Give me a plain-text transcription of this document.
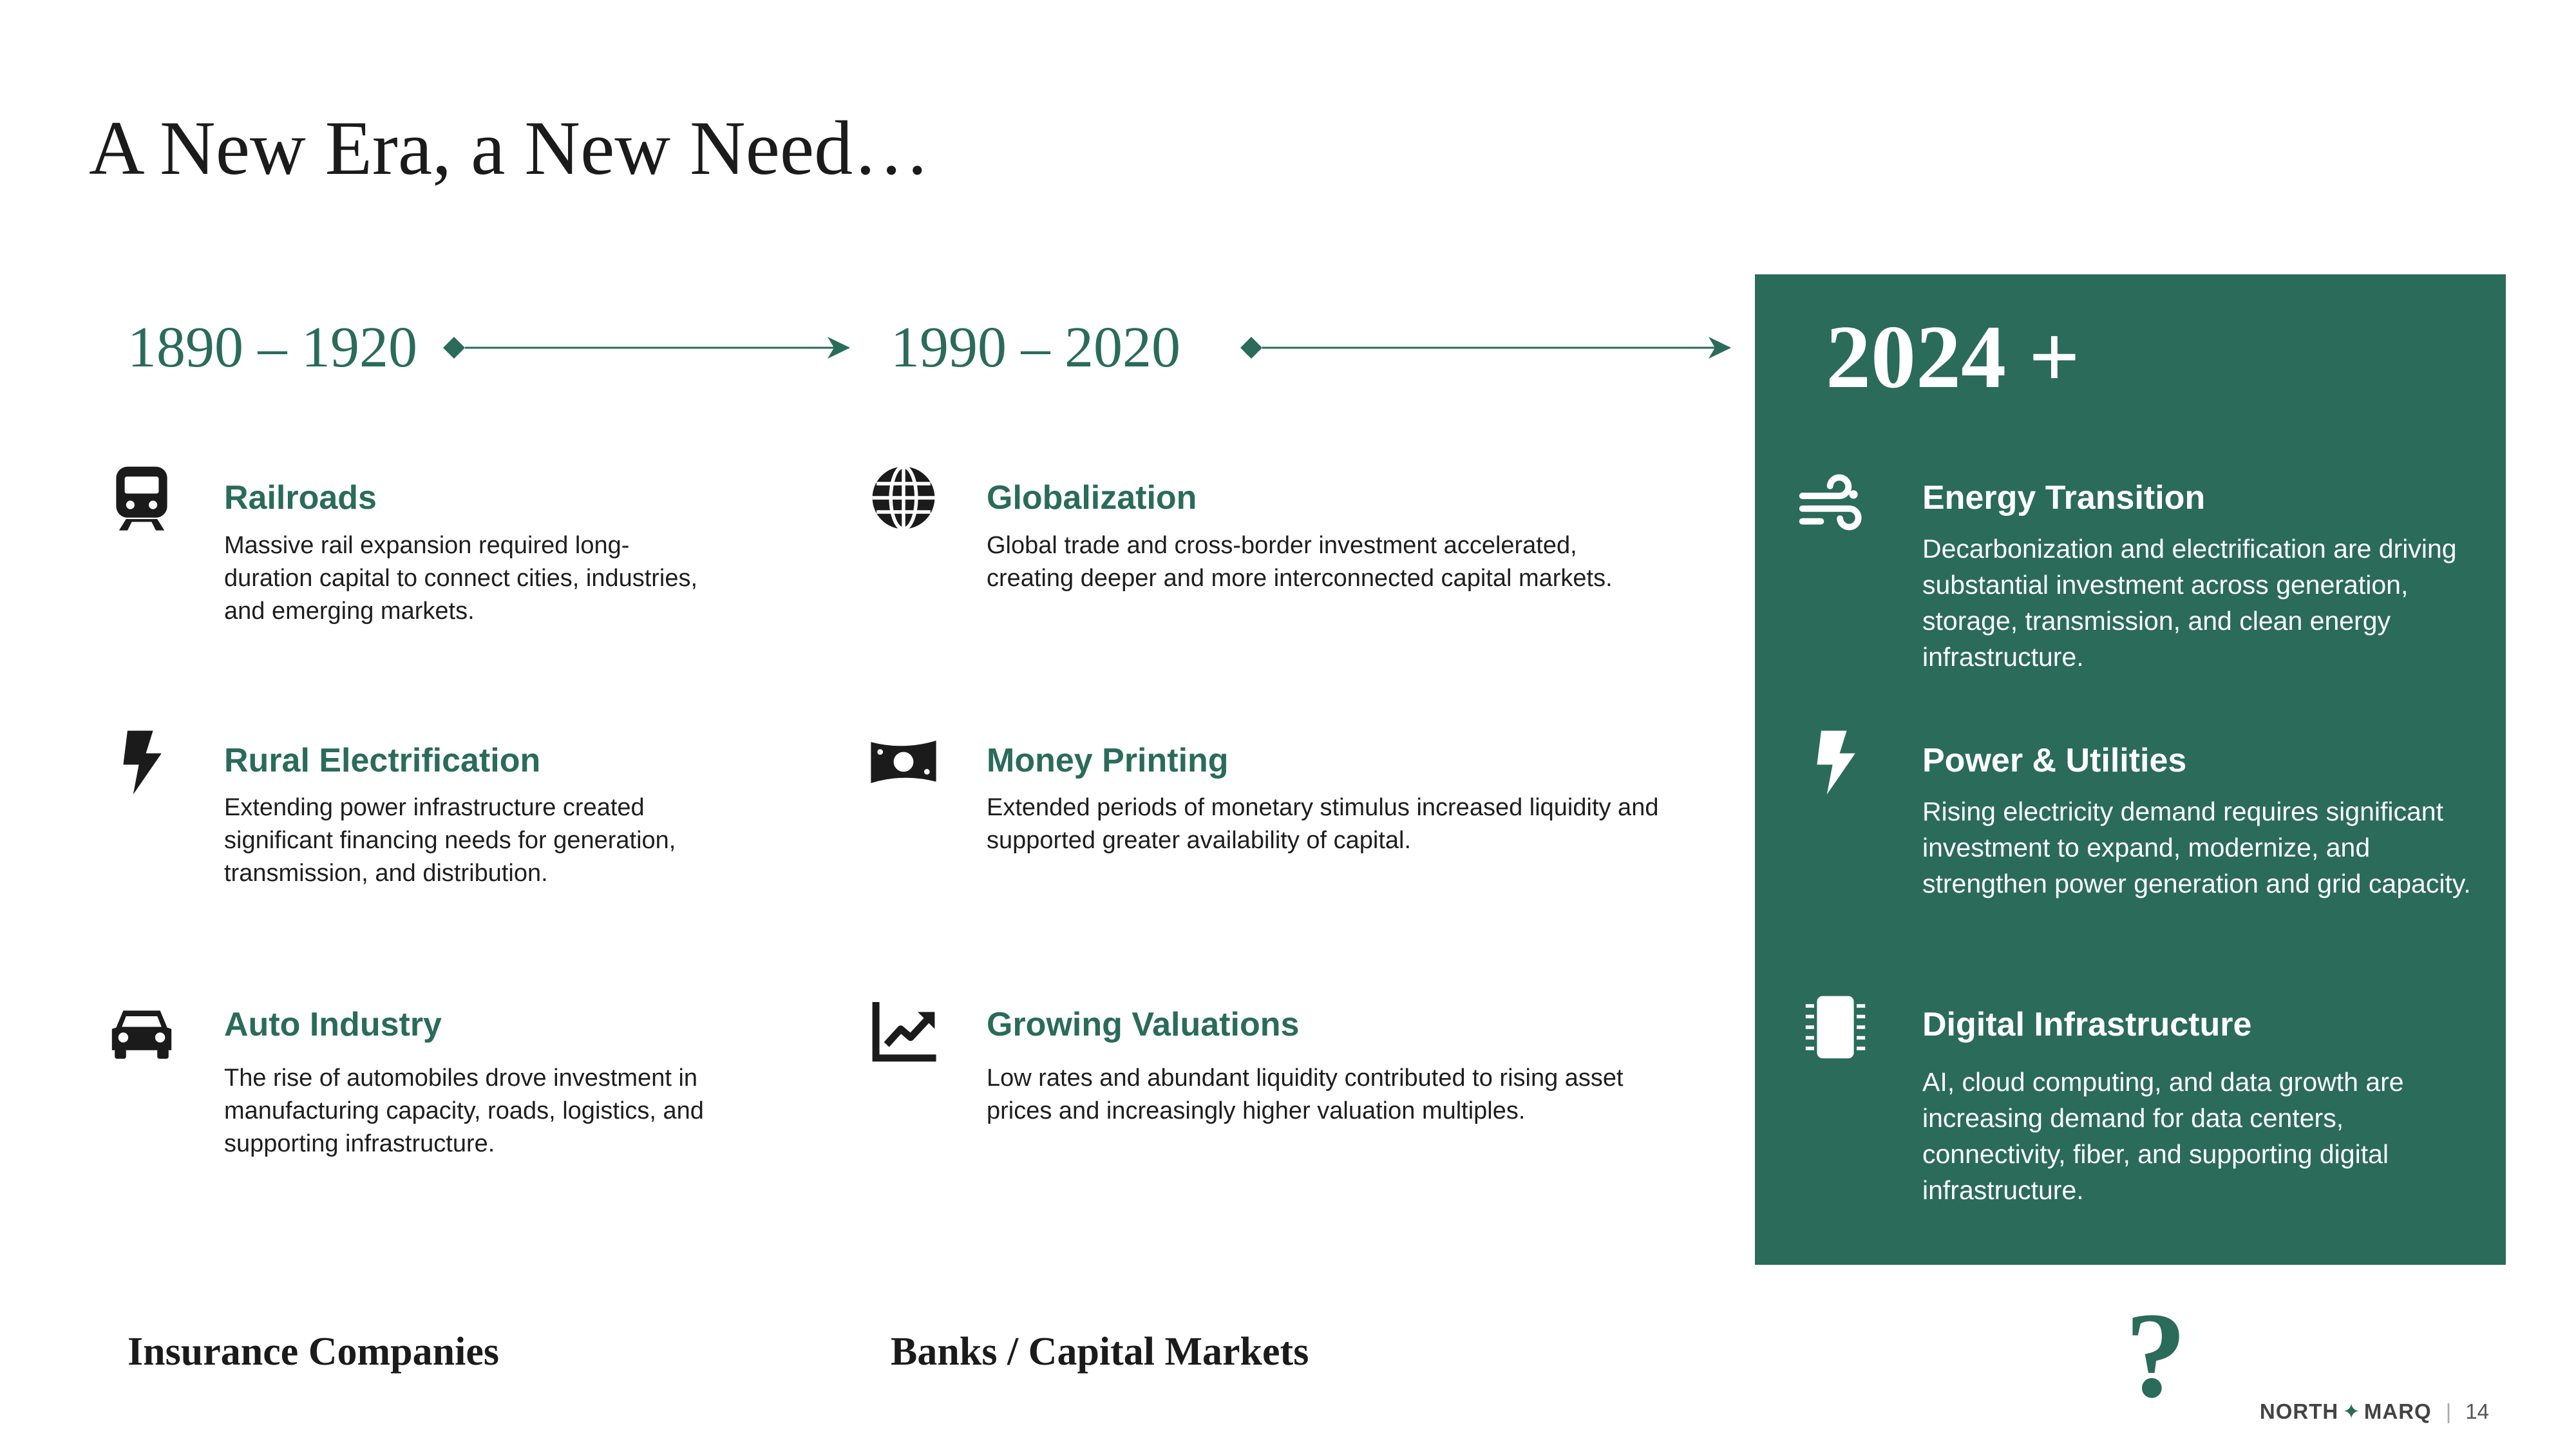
A New Era, a New Need…
1890 – 1920	1990 – 2020	2024 +
Railroads
Massive rail expansion required long-duration capital to connect cities, industries, and emerging markets.
Rural Electrification
Extending power infrastructure created significant financing needs for generation, transmission, and distribution.
Auto Industry
The rise of automobiles drove investment in manufacturing capacity, roads, logistics, and supporting infrastructure.
Globalization
Global trade and cross-border investment accelerated, creating deeper and more interconnected capital markets.
Money Printing
Extended periods of monetary stimulus increased liquidity and supported greater availability of capital.
Growing Valuations
Low rates and abundant liquidity contributed to rising asset prices and increasingly higher valuation multiples.
Energy Transition
Decarbonization and electrification are driving substantial investment across generation, storage, transmission, and clean energy infrastructure.
Power & Utilities
Rising electricity demand requires significant investment to expand, modernize, and strengthen power generation and grid capacity.
Digital Infrastructure
AI, cloud computing, and data growth are increasing demand for data centers, connectivity, fiber, and supporting digital infrastructure.
Insurance Companies	Banks / Capital Markets	?	NORTH ✦ MARQ | 14
